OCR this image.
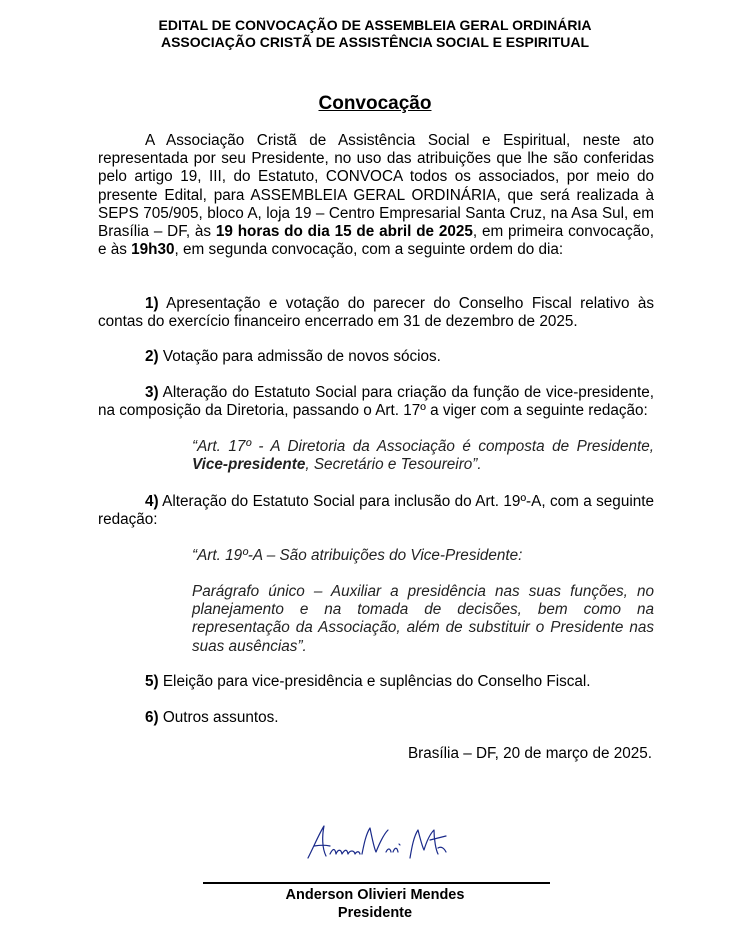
EDITAL DE CONVOCAÇÃO DE ASSEMBLEIA GERAL ORDINÁRIA
ASSOCIAÇÃO CRISTÃ DE ASSISTÊNCIA SOCIAL E ESPIRITUAL
Convocação
A Associação Cristã de Assistência Social e Espiritual, neste ato representada por seu Presidente, no uso das atribuições que lhe são conferidas pelo artigo 19, III, do Estatuto, CONVOCA todos os associados, por meio do presente Edital, para ASSEMBLEIA GERAL ORDINÁRIA, que será realizada à SEPS 705/905, bloco A, loja 19 – Centro Empresarial Santa Cruz, na Asa Sul, em Brasília – DF, às 19 horas do dia 15 de abril de 2025, em primeira convocação, e às 19h30, em segunda convocação, com a seguinte ordem do dia:
1) Apresentação e votação do parecer do Conselho Fiscal relativo às contas do exercício financeiro encerrado em 31 de dezembro de 2025.
2) Votação para admissão de novos sócios.
3) Alteração do Estatuto Social para criação da função de vice-presidente, na composição da Diretoria, passando o Art. 17º a viger com a seguinte redação:
“Art. 17º - A Diretoria da Associação é composta de Presidente, Vice-presidente, Secretário e Tesoureiro”.
4) Alteração do Estatuto Social para inclusão do Art. 19º-A, com a seguinte redação:
“Art. 19º-A – São atribuições do Vice-Presidente:
Parágrafo único – Auxiliar a presidência nas suas funções, no planejamento e na tomada de decisões, bem como na representação da Associação, além de substituir o Presidente nas suas ausências”.
5) Eleição para vice-presidência e suplências do Conselho Fiscal.
6) Outros assuntos.
Brasília – DF, 20 de março de 2025.
Anderson Olivieri Mendes
Presidente
